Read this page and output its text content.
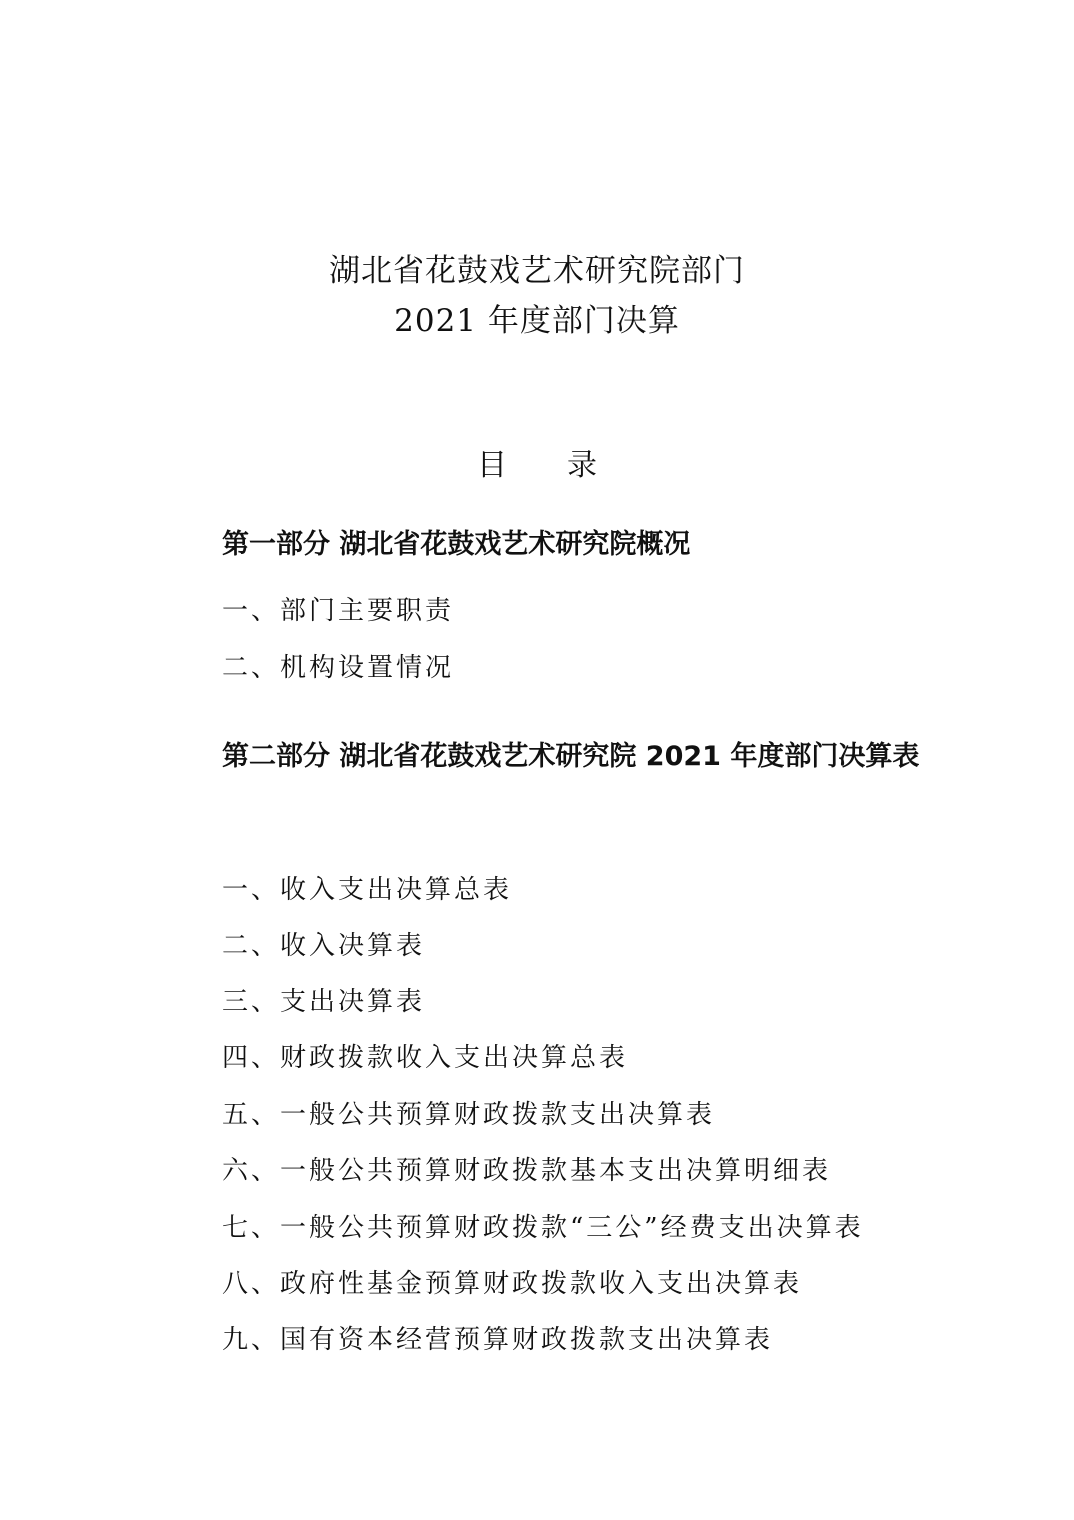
湖北省花鼓戏艺术研究院部门
2021 年度部门决算
目　　录
第一部分 湖北省花鼓戏艺术研究院概况
一、部门主要职责
二、机构设置情况
第二部分 湖北省花鼓戏艺术研究院 2021 年度部门决算表
一、收入支出决算总表
二、收入决算表
三、支出决算表
四、财政拨款收入支出决算总表
五、一般公共预算财政拨款支出决算表
六、一般公共预算财政拨款基本支出决算明细表
七、一般公共预算财政拨款“三公”经费支出决算表
八、政府性基金预算财政拨款收入支出决算表
九、国有资本经营预算财政拨款支出决算表
